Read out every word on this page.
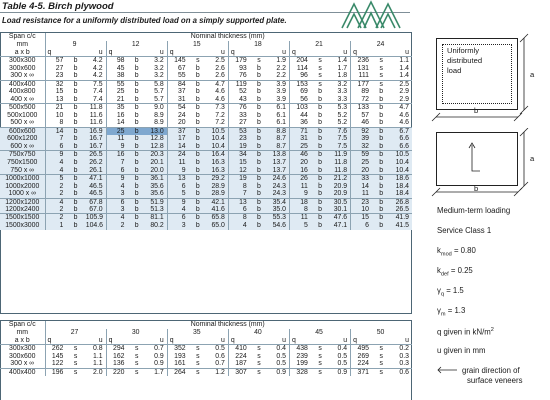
Table 4-5. Birch plywood
Load resistance for a uniformly distributed load on a simply supported plate.
Span c/c	Nominal thickness (mm)																	
mm	9			12			15			18			21			24		
a x b	q		u	q		u	q		u	q		u	q		u	q		u
300x300	57	b	4.2	98	b	3.2	145	s	2.5	179	s	1.9	204	s	1.4	236	s	1.1
300x600	27	b	4.2	45	b	3.2	67	b	2.6	93	b	2.2	114	s	1.7	131	s	1.4
300 x ∞	23	b	4.2	38	b	3.2	55	b	2.6	76	b	2.2	96	s	1.8	111	s	1.4
400x400	32	b	7.5	55	b	5.8	84	b	4.7	119	b	3.9	153	s	3.2	177	s	2.5
400x800	15	b	7.4	25	b	5.7	37	b	4.6	52	b	3.9	69	b	3.3	89	b	2.9
400 x ∞	13	b	7.4	21	b	5.7	31	b	4.6	43	b	3.9	56	b	3.3	72	b	2.9
500x500	21	b	11.8	35	b	9.0	54	b	7.3	76	b	6.1	103	b	5.3	133	b	4.7
500x1000	10	b	11.6	16	b	8.9	24	b	7.2	33	b	6.1	44	b	5.2	57	b	4.6
500 x ∞	8	b	11.6	14	b	8.9	20	b	7.2	27	b	6.1	36	b	5.2	46	b	4.6
600x600	14	b	16.9	25	b	13.0	37	b	10.5	53	b	8.8	71	b	7.6	92	b	6.7
600x1200	7	b	16.7	11	b	12.8	17	b	10.4	23	b	8.7	31	b	7.5	39	b	6.6
600 x ∞	6	b	16.7	9	b	12.8	14	b	10.4	19	b	8.7	25	b	7.5	32	b	6.6
750x750	9	b	26.5	16	b	20.3	24	b	16.4	34	b	13.8	46	b	11.9	59	b	10.5
750x1500	4	b	26.2	7	b	20.1	11	b	16.3	15	b	13.7	20	b	11.8	25	b	10.4
750 x ∞	4	b	26.1	6	b	20.0	9	b	16.3	12	b	13.7	16	b	11.8	20	b	10.4
1000x1000	5	b	47.1	9	b	36.1	13	b	29.2	19	b	24.6	26	b	21.2	33	b	18.6
1000x2000	2	b	46.5	4	b	35.6	6	b	28.9	8	b	24.3	11	b	20.9	14	b	18.4
1000 x ∞	2	b	46.5	3	b	35.6	5	b	28.9	7	b	24.3	9	b	20.9	11	b	18.4
1200x1200	4	b	67.8	6	b	51.9	9	b	42.1	13	b	35.4	18	b	30.5	23	b	26.8
1200x2400	2	b	67.0	3	b	51.3	4	b	41.6	6	b	35.0	8	b	30.1	10	b	26.5
1500x1500	2	b	105.9	4	b	81.1	6	b	65.8	8	b	55.3	11	b	47.6	15	b	41.9
1500x3000	1	b	104.6	2	b	80.2	3	b	65.0	4	b	54.6	5	b	47.1	6	b	41.5
Span c/c	Nominal thickness (mm)																	
mm	27			30			35			40			45			50		
a x b	q		u	q		u	q		u	q		u	q		u	q		u
300x300	262	s	0.8	294	s	0.7	352	s	0.5	410	s	0.4	438	s	0.4	495	s	0.2
300x600	145	s	1.1	162	s	0.9	193	s	0.6	224	s	0.5	239	s	0.5	269	s	0.3
300 x ∞	122	s	1.1	136	s	0.9	161	s	0.7	187	s	0.5	199	s	0.5	224	s	0.3
400x400	196	s	2.0	220	s	1.7	264	s	1.2	307	s	0.9	328	s	0.9	371	s	0.6
Uniformly
distributed
load	a
b
a
b
Medium-term loading
Service Class 1
$k_{mod} = 0.80$
$k_{def} = 0.25$
$\gamma_q = 1.5$
$\gamma_m = 1.3$
q given in $kN/m^2$
u given in mm
grain direction of
surface veneers
